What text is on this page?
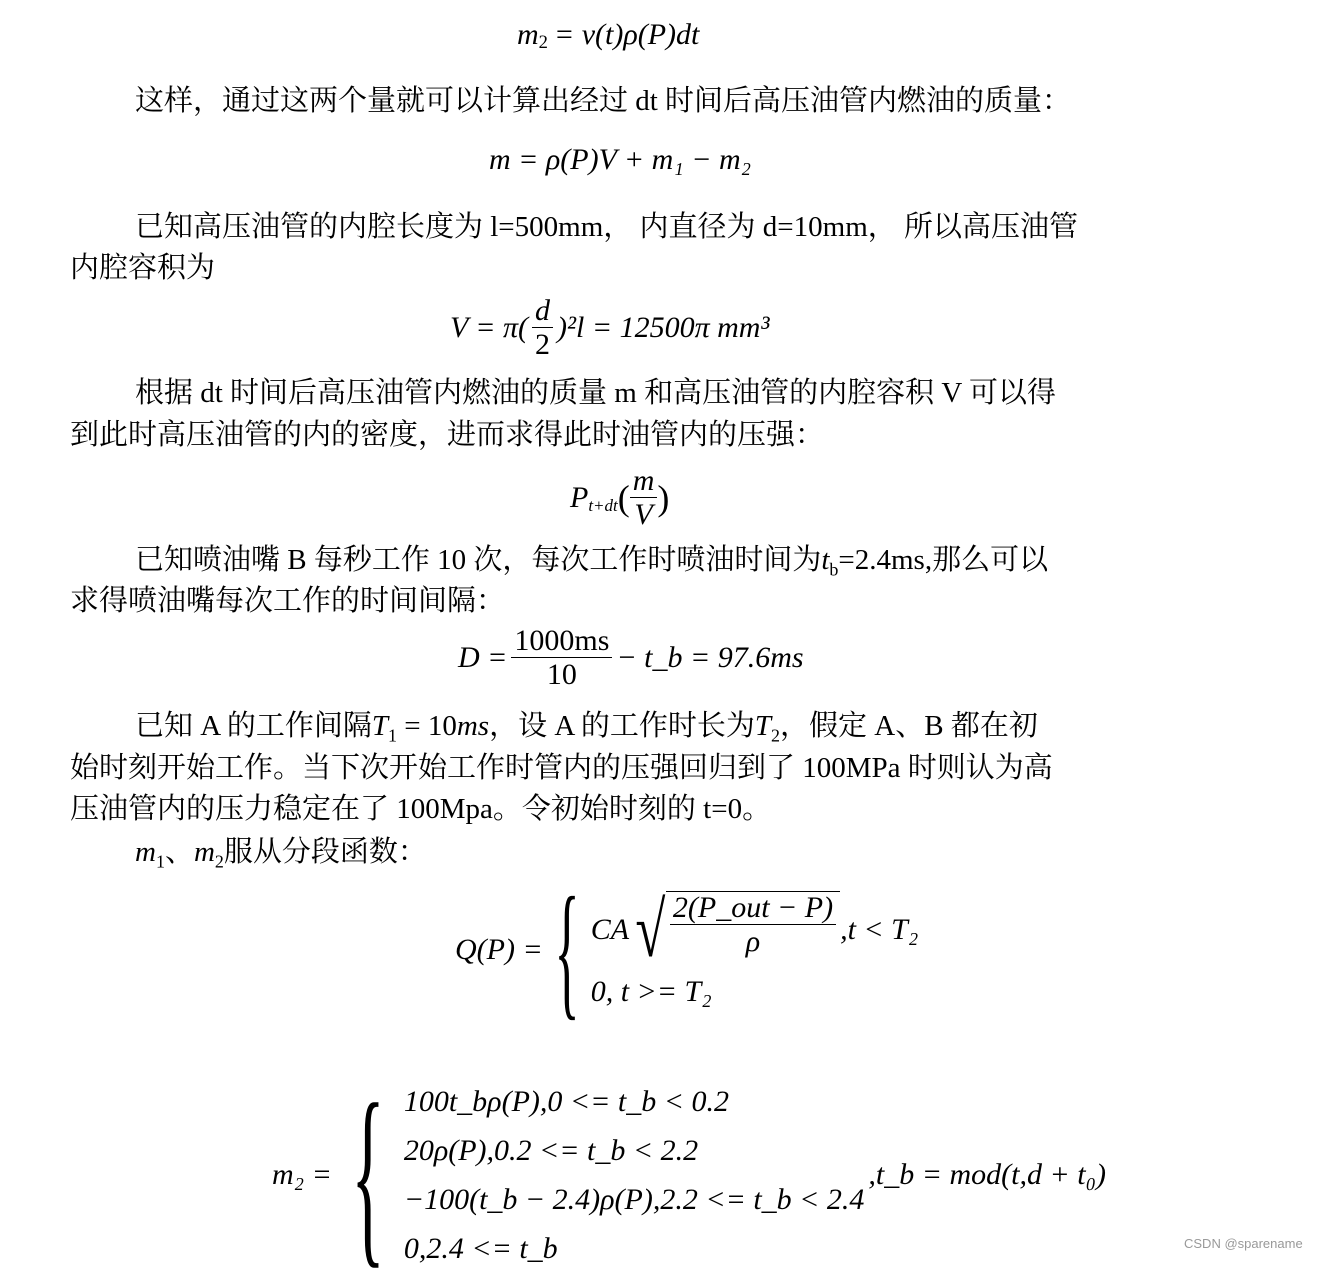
$m_2 = v(t)\rho(P)dt$
这样，通过这两个量就可以计算出经过 dt 时间后高压油管内燃油的质量：
已知高压油管的内腔长度为 l=500mm， 内直径为 d=10mm， 所以高压油管
内腔容积为
根据 dt 时间后高压油管内燃油的质量 m 和高压油管的内腔容积 V 可以得
到此时高压油管的内的密度，进而求得此时油管内的压强：
已知喷油嘴 B 每秒工作 10 次，每次工作时喷油时间为$t_b=2.4ms$,那么可以
求得喷油嘴每次工作的时间间隔：
已知 A 的工作间隔$T_1 = 10ms$，设 A 的工作时长为$T_2$，假定 A、B 都在初
始时刻开始工作。当下次开始工作时管内的压强回归到了 100MPa 时则认为高
压油管内的压力稳定在了 100Mpa。令初始时刻的 t=0。
$m_1$、$m_2$服从分段函数：
m = ρ(P)V + m₁ − m₂
$V = \pi( \frac{d}{2} )^2l = 12500\pi$ mm³
$P_{t+dt}$ ( $\frac{m}{V}$ )
$D = \frac{1000ms}{10}$ − t_b = 97.6ms
Q(P) = { CA √ $\frac{\text{2(P\_out − P)}}{\rho} ,t < T_2$
0, t >= T₂
m₂ = { 100t_bρ(P),0 <= t_b < 0.2
20ρ(P),0.2 <= t_b < 2.2
−100(t_b − 2.4)ρ(P),2.2 <= t_b < 2.4
0,2.4 <= t_b
,t_b = mod(t,d + t₀)
CSDN @sparename
